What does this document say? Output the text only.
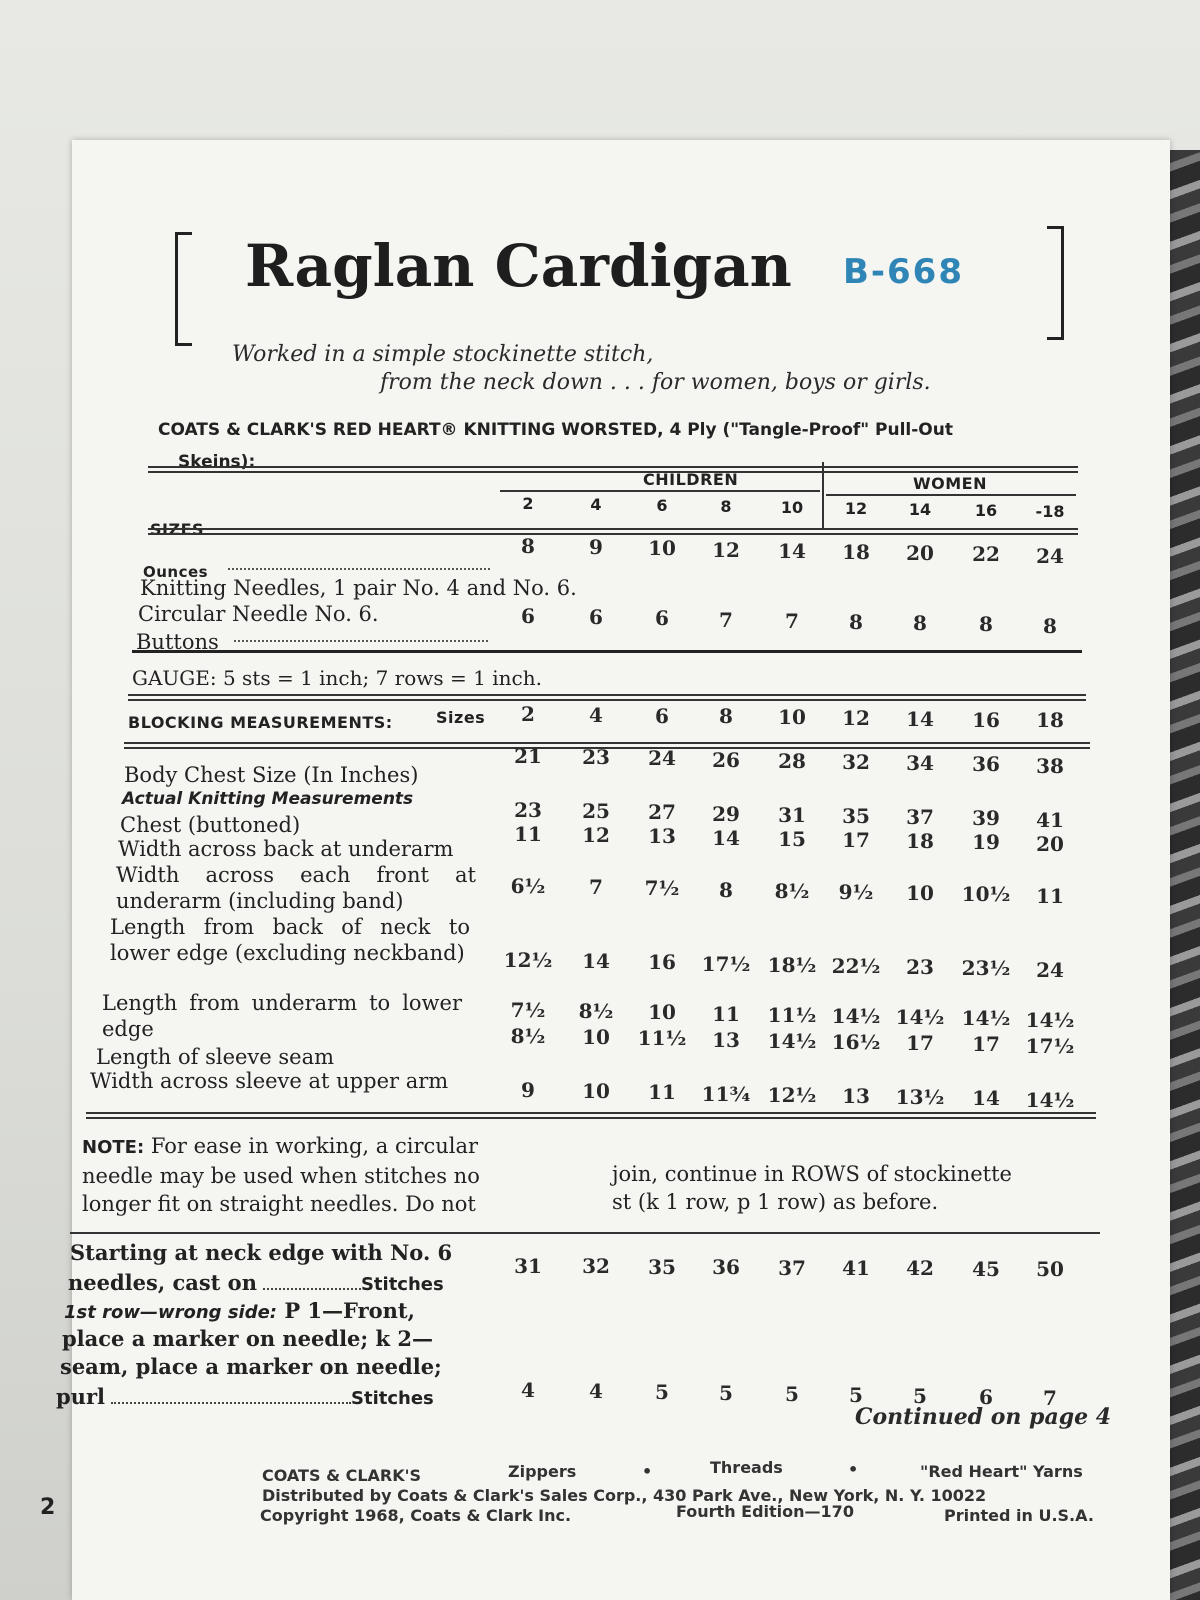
Raglan Cardigan B-668
Worked in a simple stockinette stitch,
from the neck down . . . for women, boys or girls.
COATS & CLARK'S RED HEART® KNITTING WORSTED, 4 Ply ("Tangle-Proof" Pull-Out
Skeins):
CHILDREN	WOMEN
SIZES
2	4	6	8	10	12	14	16 -18
Ounces
8	9 10 12 14 18 20 22 24
Knitting Needles, 1 pair No. 4 and No. 6.
Circular Needle No. 6.
Buttons
6	6	6	7	7	8	8	8	8
GAUGE: 5 sts = 1 inch; 7 rows = 1 inch.
BLOCKING MEASUREMENTS:	Sizes 2	4	6	8 10 12 14 16 18
Body Chest Size (In Inches)
21 23 24 26 28 32 34 36 38
Actual Knitting Measurements
Chest (buttoned)
23 25 27 29 31 35 37 39 41
Width across back at underarm
11 12 13 14 15 17 18 19 20
Width across each front at underarm (including band)
6½ 7 7½ 8 8½ 9½ 10 10½ 11
Length from back of neck to lower edge (excluding neckband) 12½ 14 16 17½ 18½ 22½ 23 23½ 24
Length from underarm to lower edge
7½ 8½ 10 11 11½ 14½ 14½ 14½ 14½
Length of sleeve seam
8½ 10 11½ 13 14½ 16½ 17 17 17½
Width across sleeve at upper arm	9 10 11 11¾ 12½ 13 13½ 14 14½
NOTE: For ease in working, a circular
needle may be used when stitches no
longer fit on straight needles. Do not
join, continue in ROWS of stockinette
st (k 1 row, p 1 row) as before.
Starting at neck edge with No. 6
needles, cast on	Stitches
31 32 35 36 37 41 42 45 50
1st row—wrong side: P 1—Front,
place a marker on needle; k 2—
seam, place a marker on needle;
purl	Stitches	4	4	5	5	5	5	5	6	7
Continued on page 4
COATS & CLARK'S	Zippers	•	Threads	•	"Red Heart" Yarns
Distributed by Coats & Clark's Sales Corp., 430 Park Ave., New York, N. Y. 10022
Copyright 1968, Coats & Clark Inc.	Fourth Edition—170	Printed in U.S.A.
2
